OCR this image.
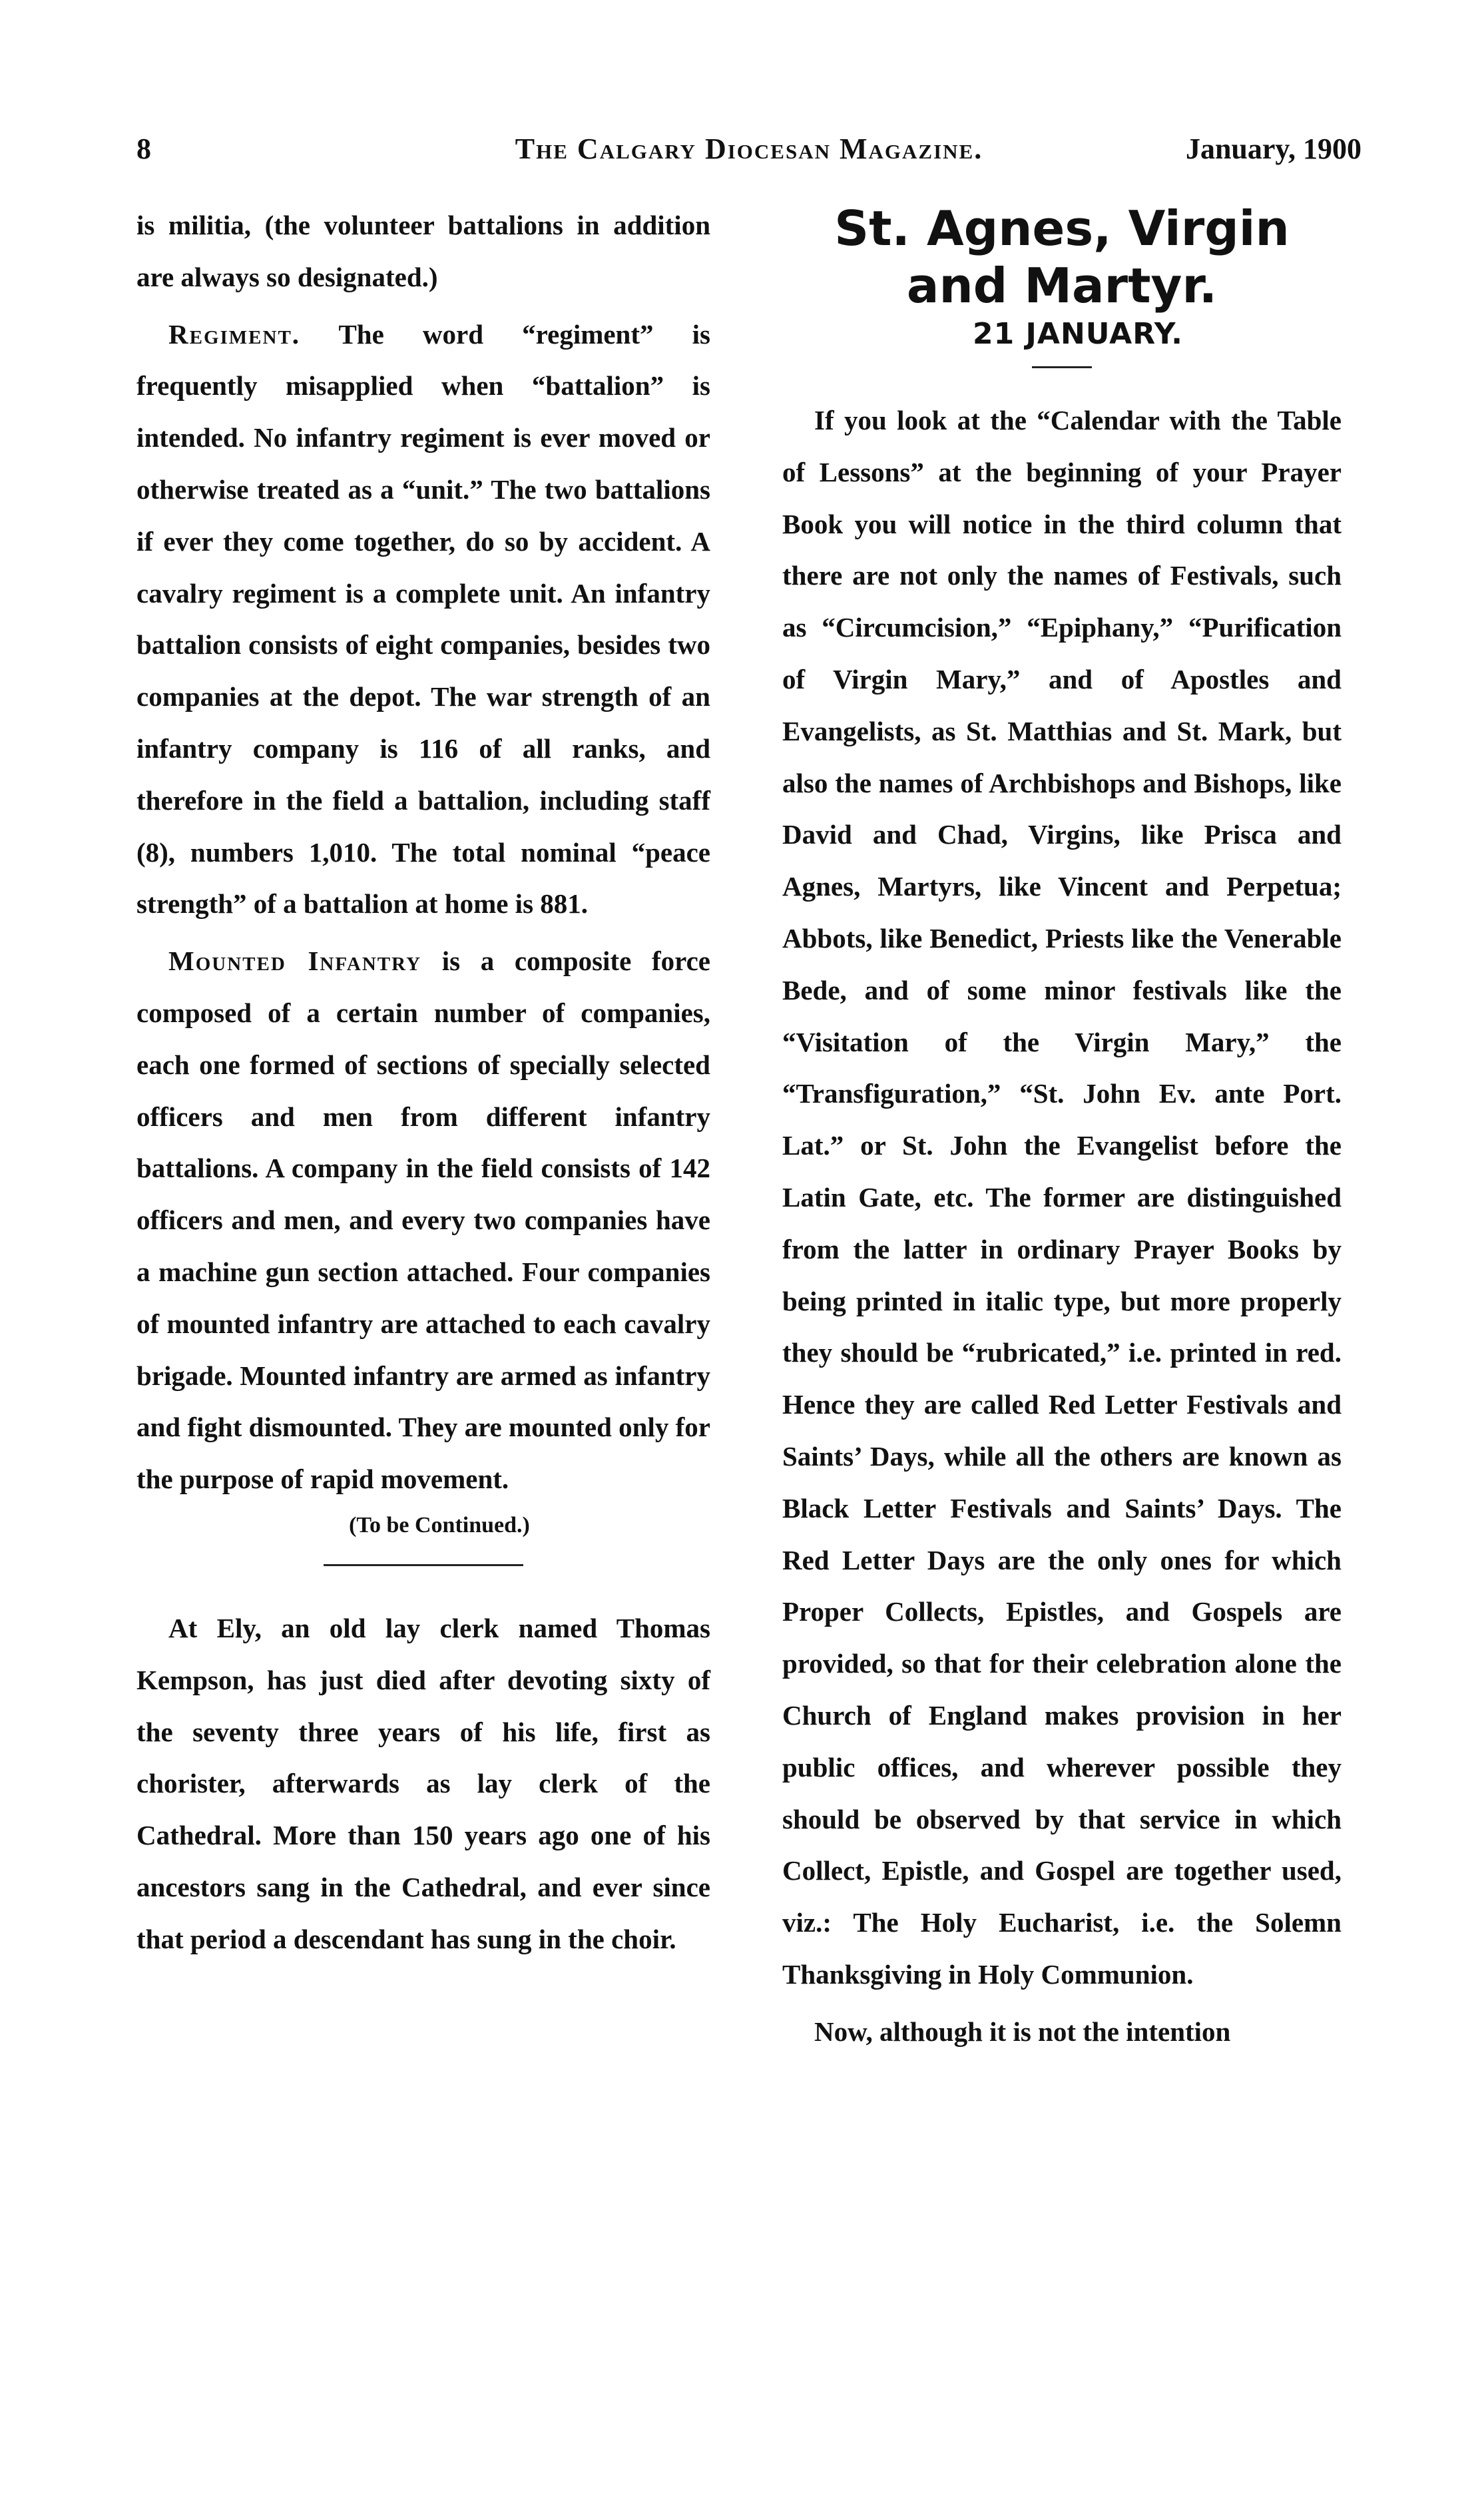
8	The Calgary Diocesan Magazine.	January, 1900

is militia, (the volunteer battalions in addition are always so designated.)

Regiment. The word “regiment” is frequently misapplied when “battalion” is intended. No infantry regiment is ever moved or otherwise treated as a “unit.” The two battalions if ever they come together, do so by accident. A cavalry regiment is a complete unit. An infantry battalion consists of eight companies, besides two companies at the depot. The war strength of an infantry company is 116 of all ranks, and therefore in the field a battalion, including staff (8), numbers 1,010. The total nominal “peace strength” of a battalion at home is 881.

Mounted Infantry is a composite force composed of a certain number of companies, each one formed of sections of specially selected officers and men from different infantry battalions. A company in the field consists of 142 officers and men, and every two companies have a machine gun section attached. Four companies of mounted infantry are attached to each cavalry brigade. Mounted infantry are armed as infantry and fight dismounted. They are mounted only for the purpose of rapid movement.

(To be Continued.)

At Ely, an old lay clerk named Thomas Kempson, has just died after devoting sixty of the seventy three years of his life, first as chorister, afterwards as lay clerk of the Cathedral. More than 150 years ago one of his ancestors sang in the Cathedral, and ever since that period a descendant has sung in the choir.

St. Agnes, Virgin and Martyr.

21 JANUARY.

If you look at the “Calendar with the Table of Lessons” at the beginning of your Prayer Book you will notice in the third column that there are not only the names of Festivals, such as “Circumcision,” “Epiphany,” “Purification of Virgin Mary,” and of Apostles and Evangelists, as St. Matthias and St. Mark, but also the names of Archbishops and Bishops, like David and Chad, Virgins, like Prisca and Agnes, Martyrs, like Vincent and Perpetua; Abbots, like Benedict, Priests like the Venerable Bede, and of some minor festivals like the “Visitation of the Virgin Mary,” the “Transfiguration,” “St. John Ev. ante Port. Lat.” or St. John the Evangelist before the Latin Gate, etc. The former are distinguished from the latter in ordinary Prayer Books by being printed in italic type, but more properly they should be “rubricated,” i.e. printed in red. Hence they are called Red Letter Festivals and Saints’ Days, while all the others are known as Black Letter Festivals and Saints’ Days. The Red Letter Days are the only ones for which Proper Collects, Epistles, and Gospels are provided, so that for their celebration alone the Church of England makes provision in her public offices, and wherever possible they should be observed by that service in which Collect, Epistle, and Gospel are together used, viz.: The Holy Eucharist, i.e. the Solemn Thanksgiving in Holy Communion.

Now, although it is not the intention
